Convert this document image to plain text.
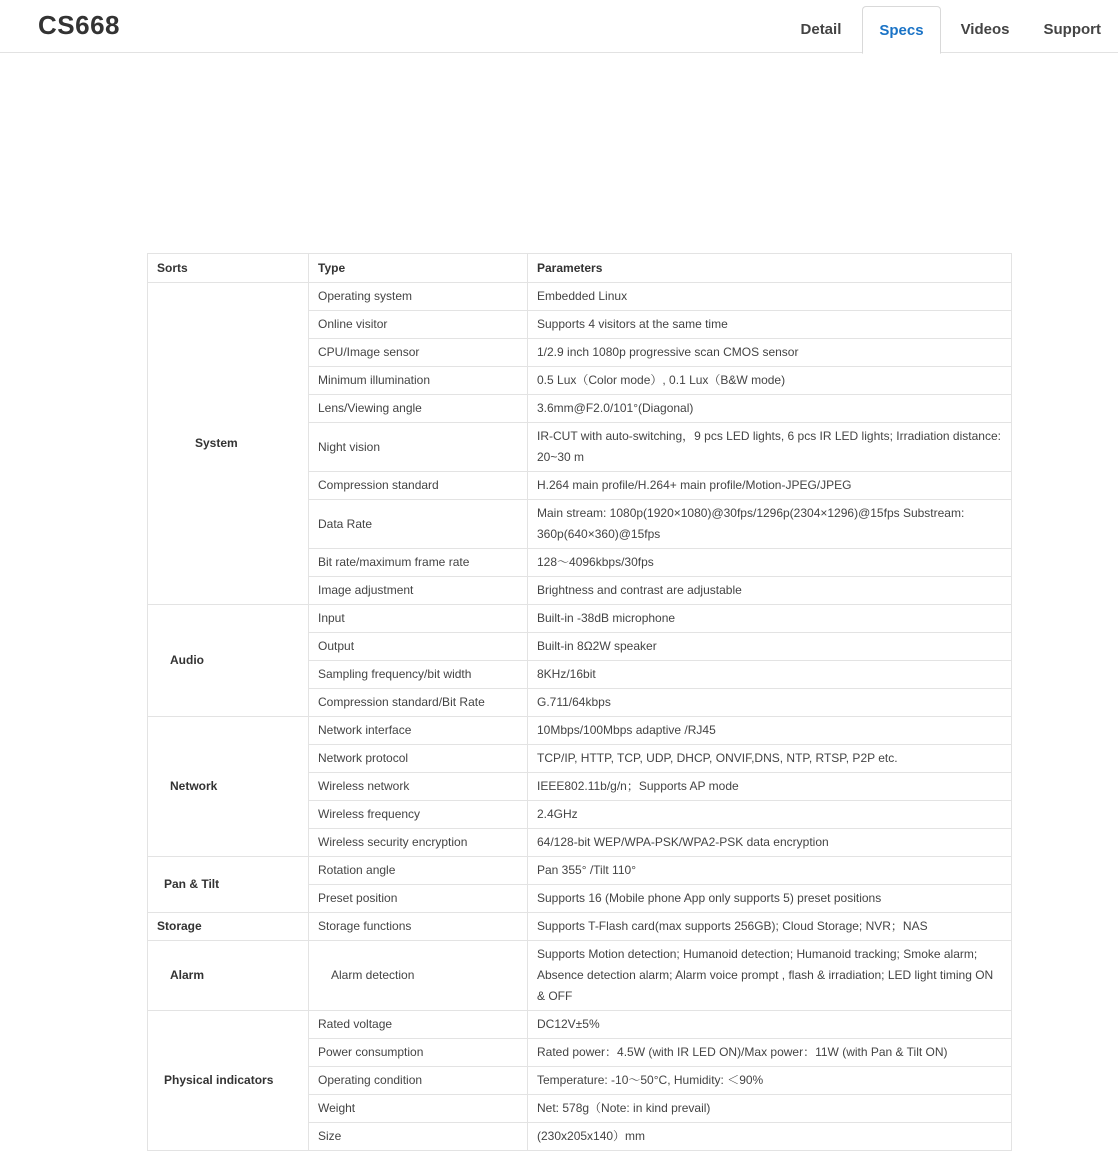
CS668	Detail	Specs	Videos	Support
Sorts	Type	Parameters
System	Operating system	Embedded Linux
	Online visitor	Supports 4 visitors at the same time
	CPU/Image sensor	1/2.9 inch 1080p progressive scan CMOS sensor
	Minimum illumination	0.5 Lux（Color mode）, 0.1 Lux（B&W mode)
	Lens/Viewing angle	3.6mm@F2.0/101°(Diagonal)
	Night vision	IR-CUT with auto-switching，9 pcs LED lights, 6 pcs IR LED lights; Irradiation distance: 20~30 m
	Compression standard	H.264 main profile/H.264+ main profile/Motion-JPEG/JPEG
	Data Rate	Main stream: 1080p(1920×1080)@30fps/1296p(2304×1296)@15fps Substream: 360p(640×360)@15fps
	Bit rate/maximum frame rate	128～4096kbps/30fps
	Image adjustment	Brightness and contrast are adjustable
Audio	Input	Built-in -38dB microphone
	Output	Built-in 8Ω2W speaker
	Sampling frequency/bit width	8KHz/16bit
	Compression standard/Bit Rate	G.711/64kbps
Network	Network interface	10Mbps/100Mbps adaptive /RJ45
	Network protocol	TCP/IP, HTTP, TCP, UDP, DHCP, ONVIF,DNS, NTP, RTSP, P2P etc.
	Wireless network	IEEE802.11b/g/n；Supports AP mode
	Wireless frequency	2.4GHz
	Wireless security encryption	64/128-bit WEP/WPA-PSK/WPA2-PSK data encryption
Pan & Tilt	Rotation angle	Pan 355° /Tilt 110°
	Preset position	Supports 16 (Mobile phone App only supports 5) preset positions
Storage	Storage functions	Supports T-Flash card(max supports 256GB); Cloud Storage; NVR；NAS
Alarm	Alarm detection	Supports Motion detection; Humanoid detection; Humanoid tracking; Smoke alarm; Absence detection alarm; Alarm voice prompt , flash & irradiation; LED light timing ON & OFF
Physical indicators	Rated voltage	DC12V±5%
	Power consumption	Rated power：4.5W (with IR LED ON)/Max power：11W (with Pan & Tilt ON)
	Operating condition	Temperature: -10～50°C, Humidity: ＜90%
	Weight	Net: 578g（Note: in kind prevail)
	Size	(230x205x140）mm
